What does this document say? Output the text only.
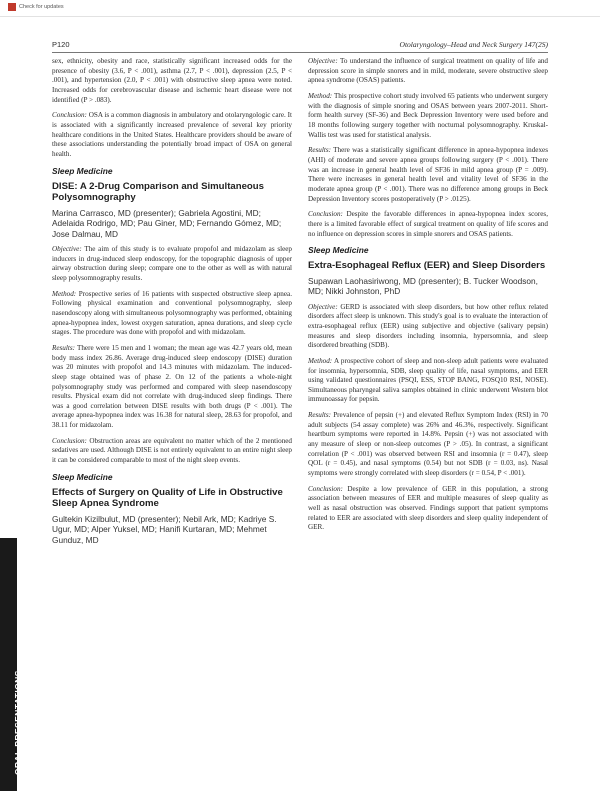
Check for updates
P120	Otolaryngology–Head and Neck Surgery 147(2S)

sex, ethnicity, obesity and race, statistically significant increased odds for the presence of obesity (3.6, P < .001), asthma (2.7, P < .001), depression (2.5, P < .001), and hypertension (2.0, P < .001) with obstructive sleep apnea were noted. Increased odds for cerebrovascular disease and ischemic heart disease were not identified (P > .083).

Conclusion: OSA is a common diagnosis in ambulatory and otolaryngologic care. It is associated with a significantly increased prevalence of several key priority healthcare conditions in the United States. Healthcare providers should be aware of these associations understanding the potentially broad impact of OSA on general health.

Sleep Medicine
DISE: A 2-Drug Comparison and Simultaneous Polysomnography
Marina Carrasco, MD (presenter); Gabriela Agostini, MD; Adelaida Rodrigo, MD; Pau Giner, MD; Fernando Gómez, MD; Jose Dalmau, MD

Objective: The aim of this study is to evaluate propofol and midazolam as sleep inducers in drug-induced sleep endoscopy, for the topographic diagnosis of upper airway obstruction during sleep; compare one to the other as well as with natural sleep polysomnography results.

Method: Prospective series of 16 patients with suspected obstructive sleep apnea. Following physical examination and conventional polysomnography, sleep nasendoscopy along with simultaneous polysomnography was performed, obtaining apnea-hypopnea index, lowest oxygen saturation, apnea durations, and sleep cycle stages. The procedure was done with propofol and with midazolam.

Results: There were 15 men and 1 woman; the mean age was 42.7 years old, mean body mass index 26.86. Average drug-induced sleep endoscopy (DISE) duration was 20 minutes with propofol and 14.3 minutes with midazolam. The induced-sleep stage obtained was of phase 2. On 12 of the patients a whole-night polysomnography study was performed and compared with sleep nasendoscopy results. Physical exam did not correlate with drug-induced sleep findings. There was a good correlation between DISE results with both drugs (P < .001). The average apnea-hypopnea index was 16.38 for natural sleep, 28.63 for propofol, and 38.11 for midazolam.

Conclusion: Obstruction areas are equivalent no matter which of the 2 mentioned sedatives are used. Although DISE is not entirely equivalent to an entire night sleep it can be considered comparable to most of the night sleep events.

Sleep Medicine
Effects of Surgery on Quality of Life in Obstructive Sleep Apnea Syndrome
Gultekin Kizilbulut, MD (presenter); Nebil Ark, MD; Kadriye S. Ugur, MD; Alper Yuksel, MD; Hanifi Kurtaran, MD; Mehmet Gunduz, MD

Objective: To understand the influence of surgical treatment on quality of life and depression score in simple snorers and in mild, moderate, severe obstructive sleep apnea syndrome (OSAS) patients.

Method: This prospective cohort study involved 65 patients who underwent surgery with the diagnosis of simple snoring and OSAS between years 2007-2011. Short-form health survey (SF-36) and Beck Depression Inventory were used before and 18 months following surgery together with nocturnal polysomnography. Kruskal-Wallis test was used for statistical analysis.

Results: There was a statistically significant difference in apnea-hypopnea indexes (AHI) of moderate and severe apnea groups following surgery (P < .001). There was an increase in general health level of SF36 in mild apnea group (P = .009). There were increases in general health level and vitality level of SF36 in the moderate apnea group (P < .001). There was no difference among groups in Beck Depression Inventory scores postoperatively (P > .0125).

Conclusion: Despite the favorable differences in apnea-hypopnea index scores, there is a limited favorable effect of surgical treatment on quality of life scores and no influence on depression scores in simple snorers and OSAS patients.

Sleep Medicine
Extra-Esophageal Reflux (EER) and Sleep Disorders
Supawan Laohasiriwong, MD (presenter); B. Tucker Woodson, MD; Nikki Johnston, PhD

Objective: GERD is associated with sleep disorders, but how other reflux related disorders affect sleep is unknown. This study's goal is to evaluate the interaction of extra-esophageal reflux (EER) using subjective and objective (salivary pepsin) measures and sleep disorders including insomnia, hypersomnia, and sleep disordered breathing (SDB).

Method: A prospective cohort of sleep and non-sleep adult patients were evaluated for insomnia, hypersomnia, SDB, sleep quality of life, nasal symptoms, and EER using validated questionnaires (PSQI, ESS, STOP BANG, FOSQ10 RSI, NOSE). Simultaneous pharyngeal saliva samples obtained in clinic underwent Western blot immunoassay for pepsin.

Results: Prevalence of pepsin (+) and elevated Reflux Symptom Index (RSI) in 70 adult subjects (54 assay complete) was 26% and 46.3%, respectively. Significant heartburn symptoms were reported in 14.8%. Pepsin (+) was not associated with any measure of sleep or non-sleep outcomes (P > .05). In contrast, a significant correlation (P < .001) was observed between RSI and insomnia (r = 0.47), sleep QOL (r = 0.45), and nasal symptoms (0.54) but not SDB (r = 0.03, ns). Nasal symptoms were strongly correlated with sleep disorders (r = 0.54, P < .001).

Conclusion: Despite a low prevalence of GER in this population, a strong association between measures of EER and multiple measures of sleep quality as well as nasal obstruction was observed. Findings support that patient symptoms related to EER are associated with sleep disorders and sleep quality independent of GER.

ORAL PRESENTATIONS
